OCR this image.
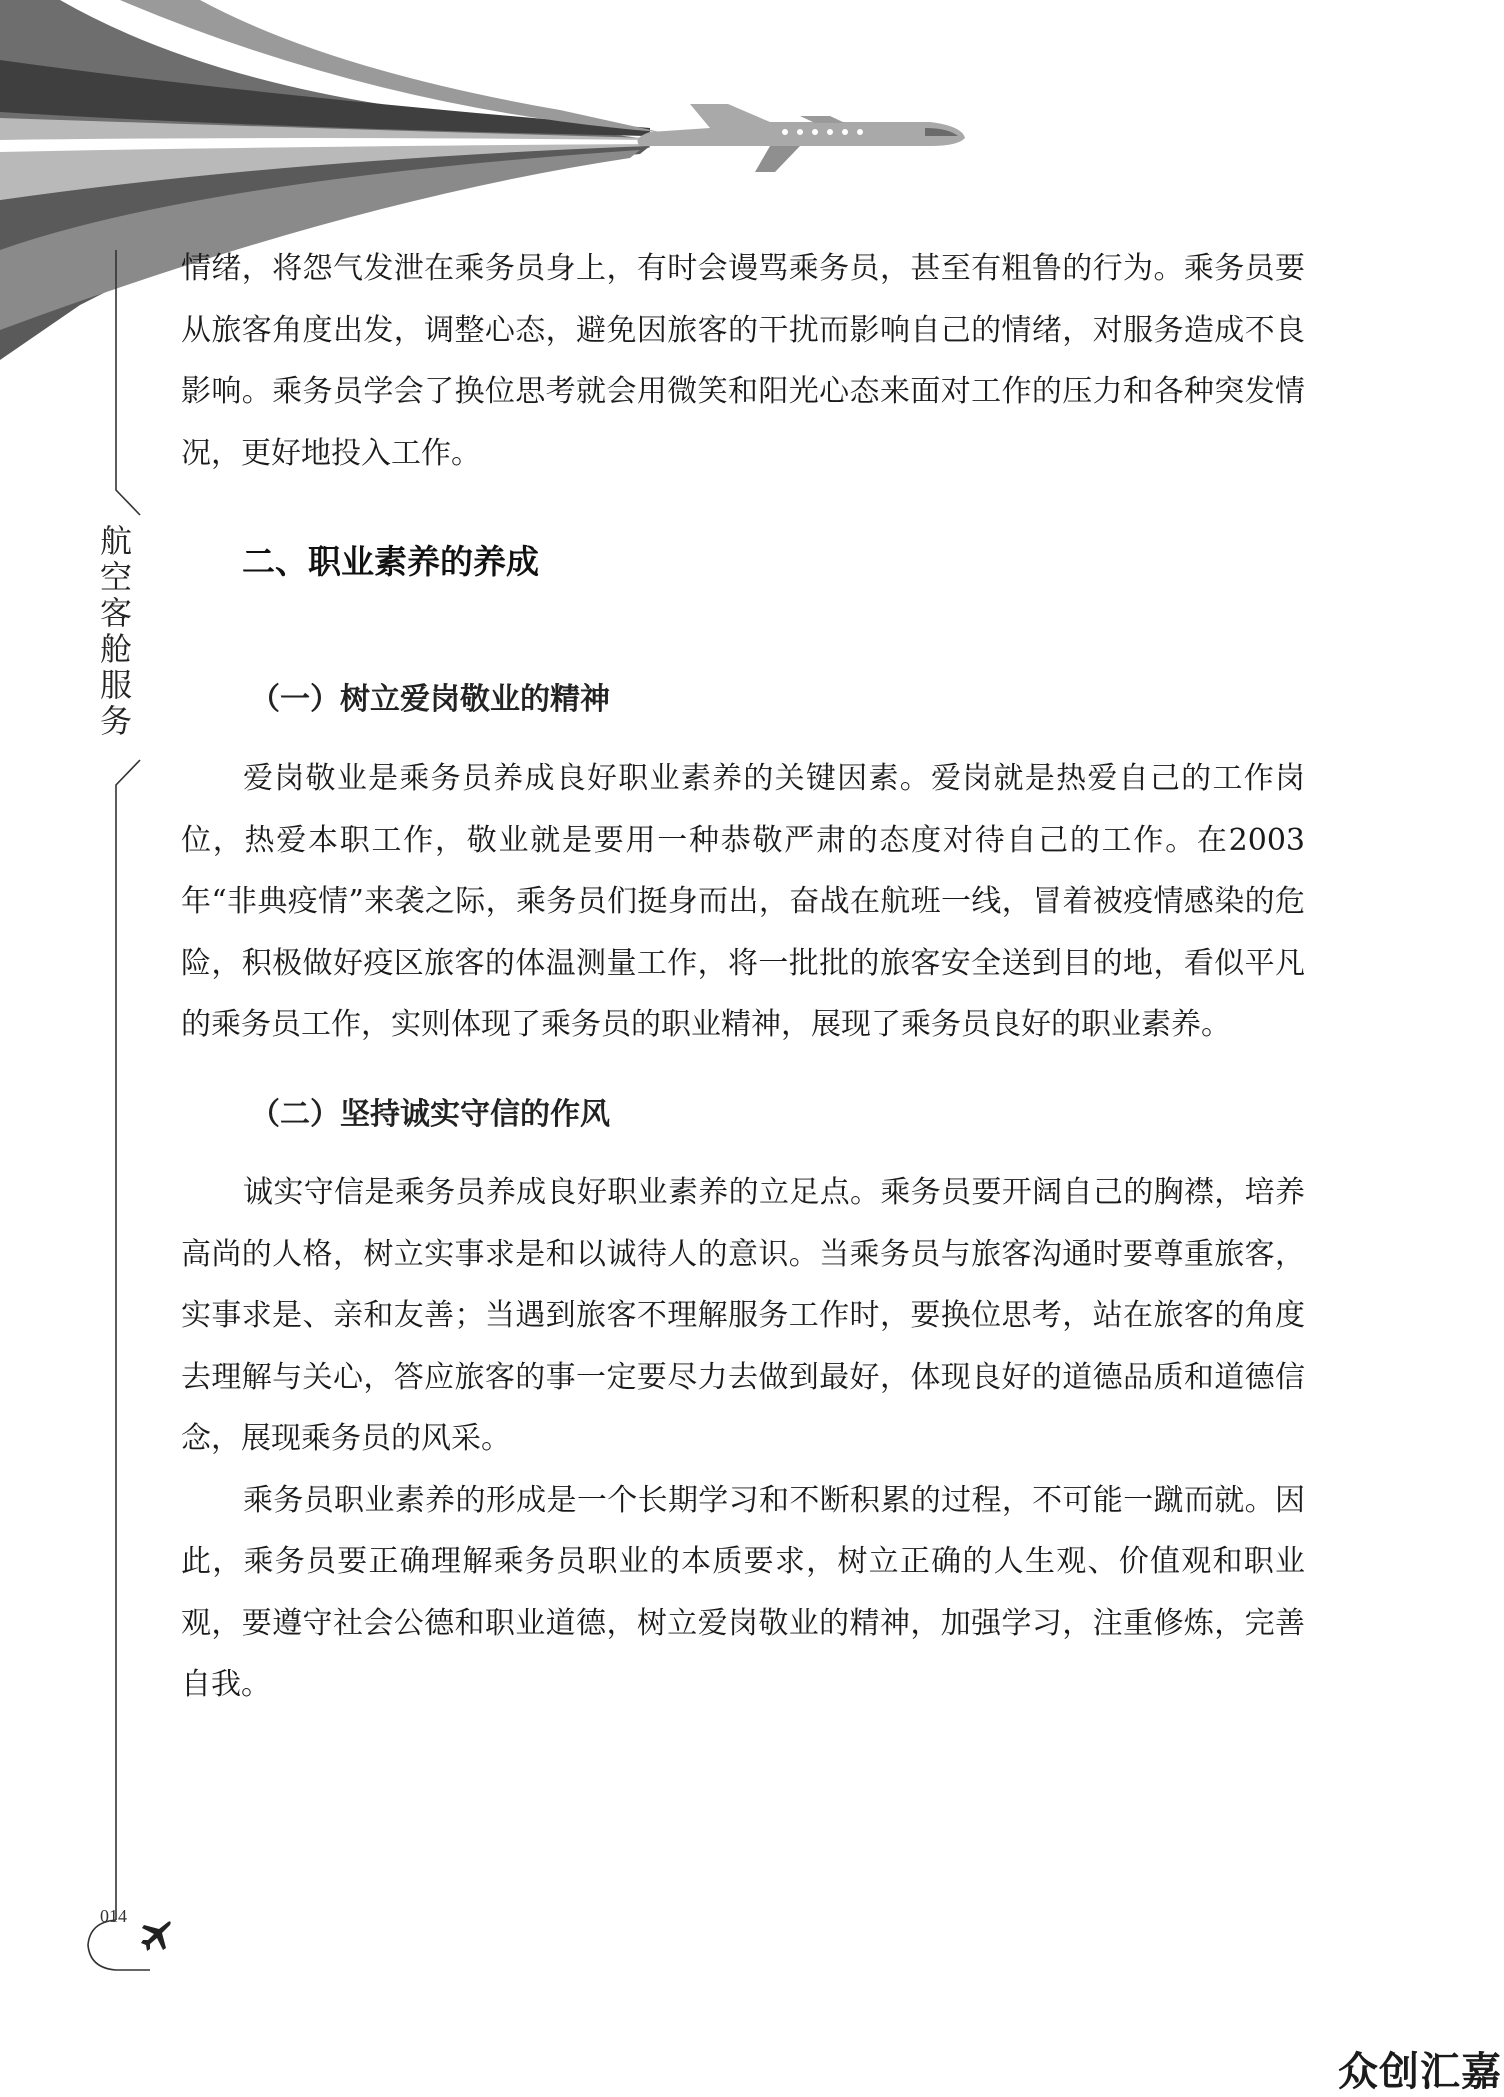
航
空
客
舱
服
务

情绪，将怨气发泄在乘务员身上，有时会谩骂乘务员，甚至有粗鲁的行为。乘务员要从旅客角度出发，调整心态，避免因旅客的干扰而影响自己的情绪，对服务造成不良影响。乘务员学会了换位思考就会用微笑和阳光心态来面对工作的压力和各种突发情况，更好地投入工作。

二、职业素养的养成
（一）树立爱岗敬业的精神

爱岗敬业是乘务员养成良好职业素养的关键因素。爱岗就是热爱自己的工作岗位，热爱本职工作，敬业就是要用一种恭敬严肃的态度对待自己的工作。在2003年“非典疫情”来袭之际，乘务员们挺身而出，奋战在航班一线，冒着被疫情感染的危险，积极做好疫区旅客的体温测量工作，将一批批的旅客安全送到目的地，看似平凡的乘务员工作，实则体现了乘务员的职业精神，展现了乘务员良好的职业素养。

（二）坚持诚实守信的作风

诚实守信是乘务员养成良好职业素养的立足点。乘务员要开阔自己的胸襟，培养高尚的人格，树立实事求是和以诚待人的意识。当乘务员与旅客沟通时要尊重旅客，实事求是、亲和友善；当遇到旅客不理解服务工作时，要换位思考，站在旅客的角度去理解与关心，答应旅客的事一定要尽力去做到最好，体现良好的道德品质和道德信念，展现乘务员的风采。

乘务员职业素养的形成是一个长期学习和不断积累的过程，不可能一蹴而就。因此，乘务员要正确理解乘务员职业的本质要求，树立正确的人生观、价值观和职业观，要遵守社会公德和职业道德，树立爱岗敬业的精神，加强学习，注重修炼，完善自我。

014
众创汇嘉
